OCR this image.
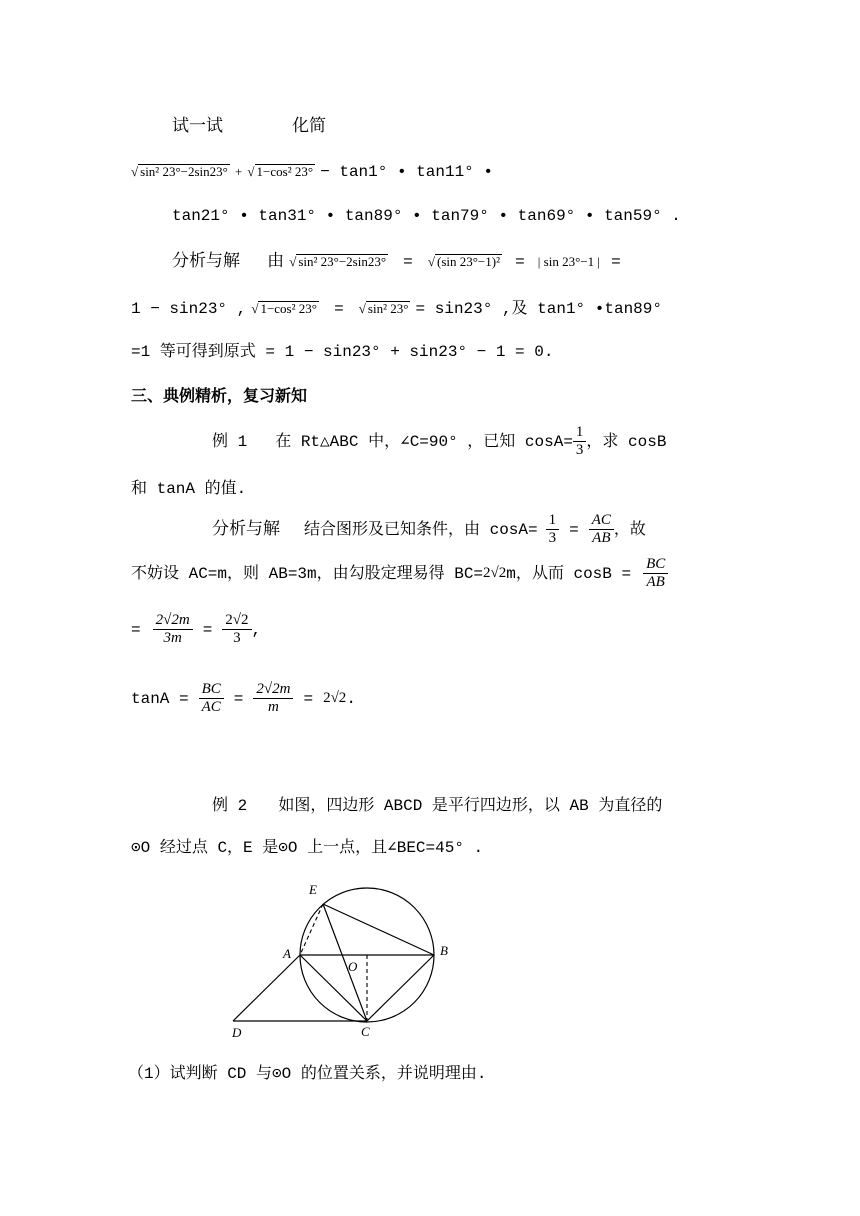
试一试	化简
√ sin² 23°−2sin23° + √ 1−cos² 23° − tan1° • tan11° •
tan21° • tan31° • tan89° • tan79° • tan69° • tan59° .
分析与解 由 √ sin² 23°−2sin23° = √ (sin 23°−1)² = | sin 23°−1 | =
1 − sin23° , √ 1−cos² 23° = √ sin² 23° = sin23° ,及 tan1° •tan89°
=1 等可得到原式 = 1 − sin23° + sin23° − 1 = 0.
三、典例精析，复习新知
例 1 在 Rt△ABC 中，∠C=90° ，已知 $\cos A= \frac{1}{3}$ ，求 cosB
和 tanA 的值.
分析与解 结合图形及已知条件，由 $\cos A= \frac{1}{3} = \frac{AC}{AB}$ ，故
不妨设 AC=m，则 AB=3m，由勾股定理易得 BC= 2√2 m，从而 $\cos B = \frac{BC}{AB}$
= $\frac{2√2m}{3m} = \frac{2√2}{3}$ ,
$\tan A = \frac{BC}{AC} = \frac{2√2m}{m} = 2√2$ .
例 2 如图，四边形 ABCD 是平行四边形，以 AB 为直径的
⊙O 经过点 C，E 是⊙O 上一点，且∠BEC=45° .
E
A	B
O
D	C
（1）试判断 CD 与⊙O 的位置关系，并说明理由.
